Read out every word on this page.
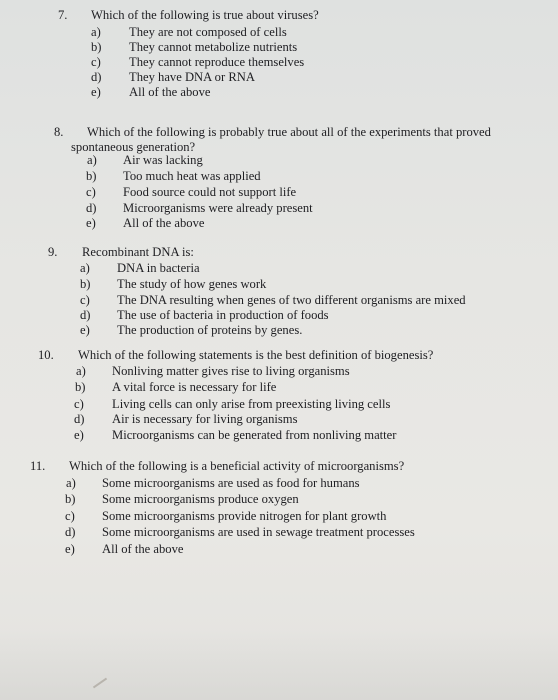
7. Which of the following is true about viruses?
a) They are not composed of cells
b) They cannot metabolize nutrients
c) They cannot reproduce themselves
d) They have DNA or RNA
e) All of the above
8. Which of the following is probably true about all of the experiments that proved
spontaneous generation?
a) Air was lacking
b) Too much heat was applied
c) Food source could not support life
d) Microorganisms were already present
e) All of the above
9. Recombinant DNA is:
a) DNA in bacteria
b) The study of how genes work
c) The DNA resulting when genes of two different organisms are mixed
d) The use of bacteria in production of foods
e) The production of proteins by genes.
10. Which of the following statements is the best definition of biogenesis?
a) Nonliving matter gives rise to living organisms
b) A vital force is necessary for life
c) Living cells can only arise from preexisting living cells
d) Air is necessary for living organisms
e) Microorganisms can be generated from nonliving matter
11. Which of the following is a beneficial activity of microorganisms?
a) Some microorganisms are used as food for humans
b) Some microorganisms produce oxygen
c) Some microorganisms provide nitrogen for plant growth
d) Some microorganisms are used in sewage treatment processes
e) All of the above
